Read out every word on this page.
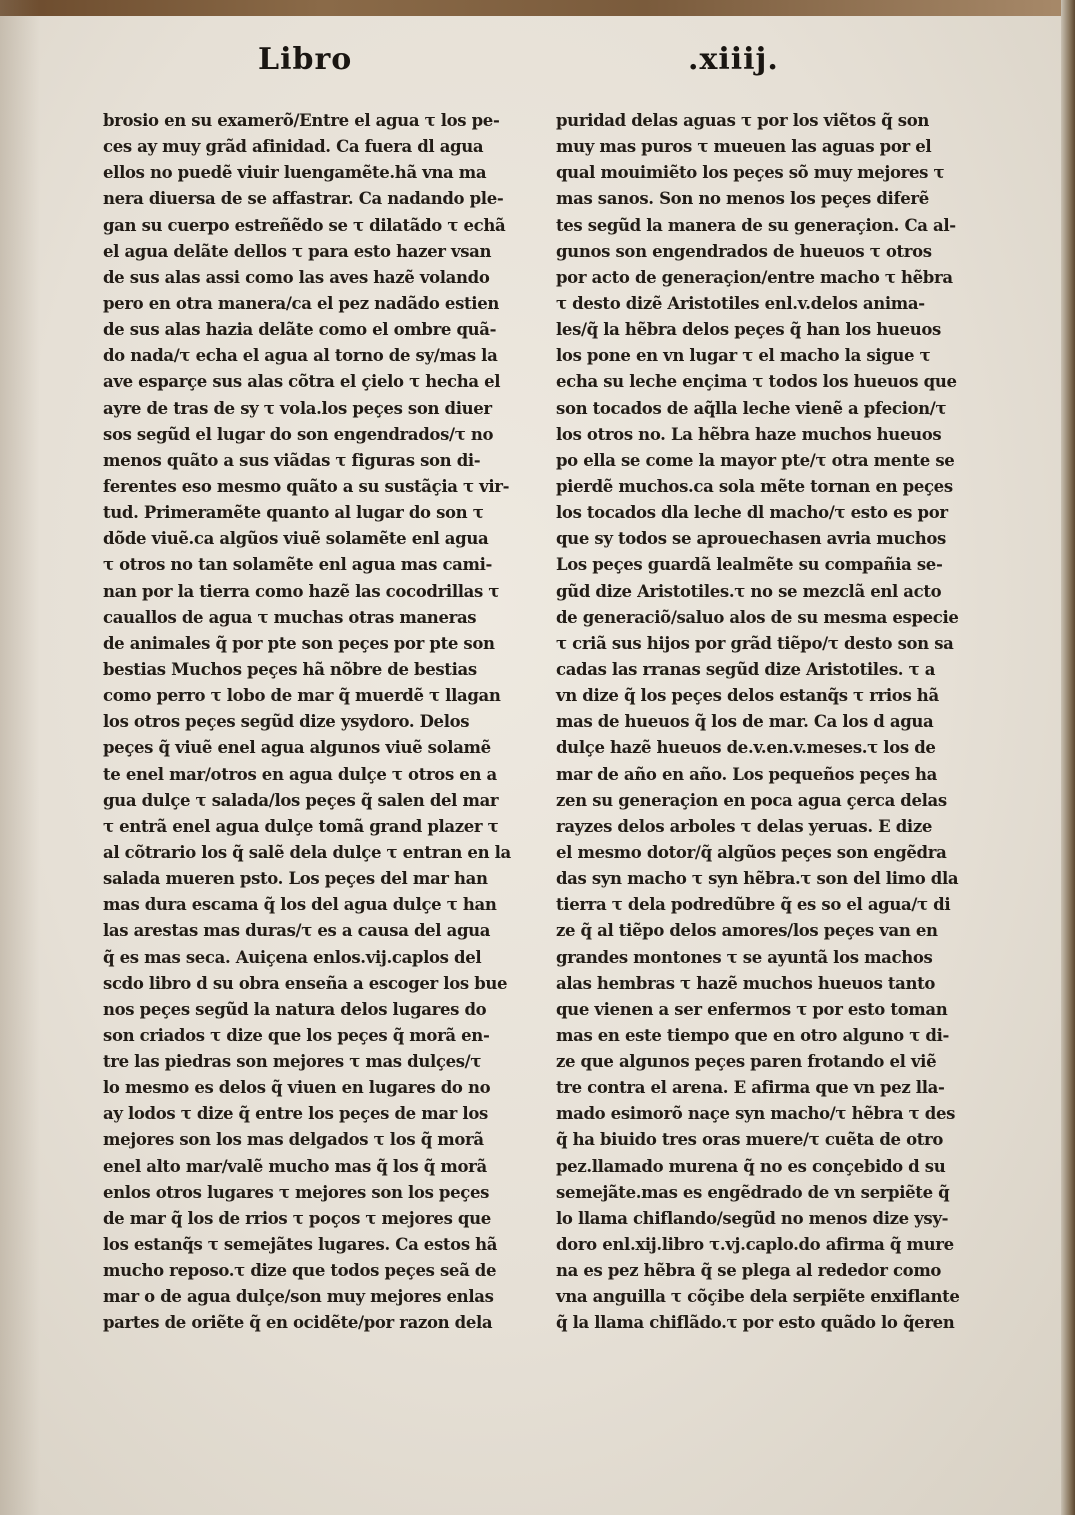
Libro	.xiiij.
brosio en su examerõ/Entre el agua τ los pe‑
ces ay muy grãd afinidad. Ca fuera dl agua
ellos no puedẽ viuir luengamẽte.hã vna ma
nera diuersa de se affastrar. Ca nadando ple‑
gan su cuerpo estreñẽdo se τ dilatãdo τ echã
el agua delãte dellos τ para esto hazer vsan
de sus alas assi como las aves hazẽ volando
pero en otra manera/ca el pez nadãdo estien
de sus alas hazia delãte como el ombre quã‑
do nada/τ echa el agua al torno de sy/mas la
ave esparçe sus alas cõtra el çielo τ hecha el
ayre de tras de sy τ vola.los peçes son diuer
sos segũd el lugar do son engendrados/τ no
menos quãto a sus viãdas τ figuras son di‑
ferentes eso mesmo quãto a su sustãçia τ vir‑
tud. Primeramẽte quanto al lugar do son τ
dõde viuẽ.ca algũos viuẽ solamẽte enl agua
τ otros no tan solamẽte enl agua mas cami‑
nan por la tierra como hazẽ las cocodrillas τ
cauallos de agua τ muchas otras maneras
de animales q̃ por pte son peçes por pte son
bestias Muchos peçes hã nõbre de bestias
como perro τ lobo de mar q̃ muerdẽ τ llagan
los otros peçes segũd dize ysydoro. Delos
peçes q̃ viuẽ enel agua algunos viuẽ solamẽ
te enel mar/otros en agua dulçe τ otros en a
gua dulçe τ salada/los peçes q̃ salen del mar
τ entrã enel agua dulçe tomã grand plazer τ
al cõtrario los q̃ salẽ dela dulçe τ entran en la
salada mueren psto. Los peçes del mar han
mas dura escama q̃ los del agua dulçe τ han
las arestas mas duras/τ es a causa del agua
q̃ es mas seca. Auiçena enlos.vij.caplos del
scdo libro d su obra enseña a escoger los bue
nos peçes segũd la natura delos lugares do
son criados τ dize que los peçes q̃ morã en‑
tre las piedras son mejores τ mas dulçes/τ
lo mesmo es delos q̃ viuen en lugares do no
ay lodos τ dize q̃ entre los peçes de mar los
mejores son los mas delgados τ los q̃ morã
enel alto mar/valẽ mucho mas q̃ los q̃ morã
enlos otros lugares τ mejores son los peçes
de mar q̃ los de rrios τ poços τ mejores que
los estanq̃s τ semejãtes lugares. Ca estos hã
mucho reposo.τ dize que todos peçes seã de
mar o de agua dulçe/son muy mejores enlas
partes de oriẽte q̃ en ocidẽte/por razon dela
puridad delas aguas τ por los viẽtos q̃ son
muy mas puros τ mueuen las aguas por el
qual mouimiẽto los peçes sõ muy mejores τ
mas sanos. Son no menos los peçes diferẽ
tes segũd la manera de su generaçion. Ca al‑
gunos son engendrados de hueuos τ otros
por acto de generaçion/entre macho τ hẽbra
τ desto dizẽ Aristotiles enl.v.delos anima‑
les/q̃ la hẽbra delos peçes q̃ han los hueuos
los pone en vn lugar τ el macho la sigue τ
echa su leche ençima τ todos los hueuos que
son tocados de aq̃lla leche vienẽ a pfecion/τ
los otros no. La hẽbra haze muchos hueuos
po ella se come la mayor pte/τ otra mente se
pierdẽ muchos.ca sola mẽte tornan en peçes
los tocados dla leche dl macho/τ esto es por
que sy todos se aprouechasen avria muchos
Los peçes guardã lealmẽte su compañia se‑
gũd dize Aristotiles.τ no se mezclã enl acto
de generaciõ/saluo alos de su mesma especie
τ criã sus hijos por grãd tiẽpo/τ desto son sa
cadas las rranas segũd dize Aristotiles. τ a
vn dize q̃ los peçes delos estanq̃s τ rrios hã
mas de hueuos q̃ los de mar. Ca los d agua
dulçe hazẽ hueuos de.v.en.v.meses.τ los de
mar de año en año. Los pequeños peçes ha
zen su generaçion en poca agua çerca delas
rayzes delos arboles τ delas yeruas. E dize
el mesmo dotor/q̃ algũos peçes son engẽdra
das syn macho τ syn hẽbra.τ son del limo dla
tierra τ dela podredũbre q̃ es so el agua/τ di
ze q̃ al tiẽpo delos amores/los peçes van en
grandes montones τ se ayuntã los machos
alas hembras τ hazẽ muchos hueuos tanto
que vienen a ser enfermos τ por esto toman
mas en este tiempo que en otro alguno τ di‑
ze que algunos peçes paren frotando el viẽ
tre contra el arena. E afirma que vn pez lla‑
mado esimorõ naçe syn macho/τ hẽbra τ des
q̃ ha biuido tres oras muere/τ cuẽta de otro
pez.llamado murena q̃ no es conçebido d su
semejãte.mas es engẽdrado de vn serpiẽte q̃
lo llama chiflando/segũd no menos dize ysy‑
doro enl.xij.libro τ.vj.caplo.do afirma q̃ mure
na es pez hẽbra q̃ se plega al rededor como
vna anguilla τ cõçibe dela serpiẽte enxiflante
q̃ la llama chiflãdo.τ por esto quãdo lo q̃eren
